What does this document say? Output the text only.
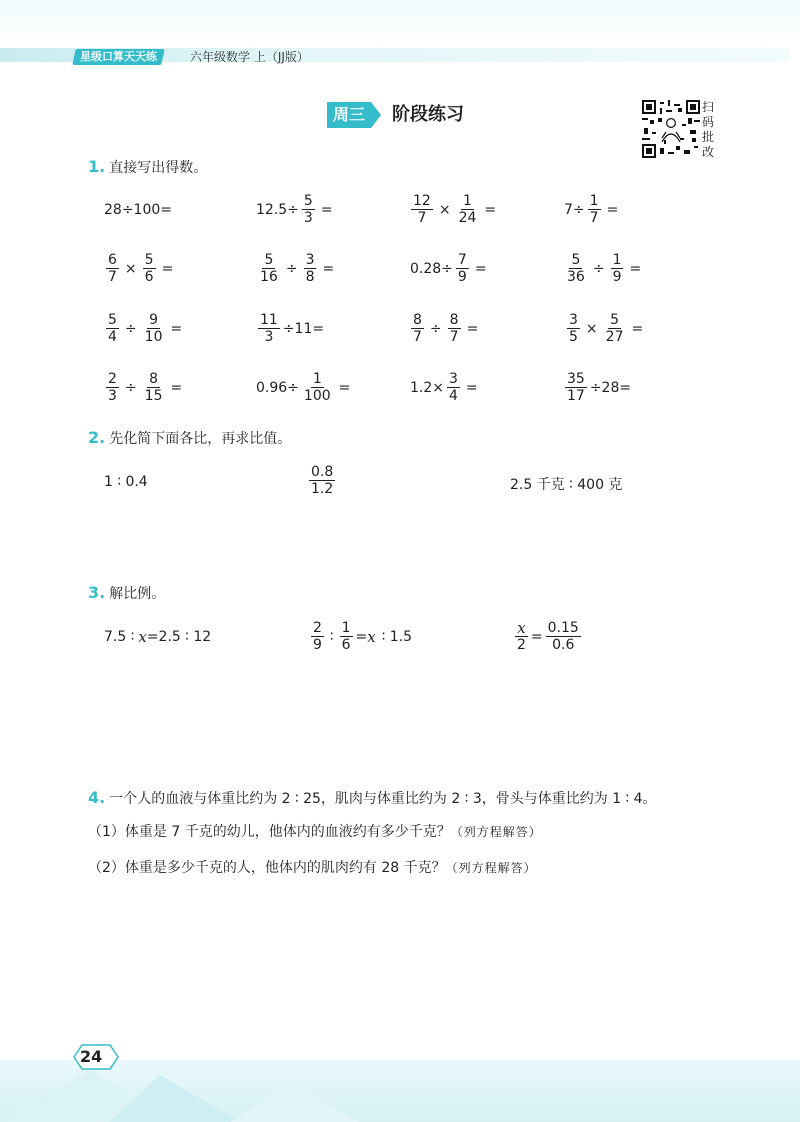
星级口算天天练	六年级数学 上（JJ版）
周三	阶段练习	扫码批改
1. 直接写出得数。
28÷100=	$12.5\div \frac{5}{3}$ =	$\frac{12}{7} \times \frac{1}{24}$ =	$7\div \frac{1}{7}$ =
$\frac{6}{7} \times \frac{5}{6}$ =	$\frac{5}{16} \div \frac{3}{8}$ =	$0.28\div \frac{7}{9}$ =	$\frac{5}{36} \div \frac{1}{9}$ =
$\frac{5}{4} \div \frac{9}{10}$ =	$\frac{11}{3} \div 11=$	$\frac{8}{7} \div \frac{8}{7}$ =	$\frac{3}{5} \times \frac{5}{27}$ =
$\frac{2}{3} \div \frac{8}{15}$ =	$0.96\div \frac{1}{100}$ =	$1.2\times \frac{3}{4}$ =	$\frac{35}{17} \div 28=$
2. 先化简下面各比，再求比值。
1 ∶ 0.4	$\frac{0.8}{1.2}$	2.5 千克 ∶ 400 克
3. 解比例。
7.5 ∶ x =2.5 ∶ 12	$\frac{2}{9}$ ∶ $\frac{1}{6} = x$ ∶ 1.5	$\frac{x}{2} = \frac{0.15}{0.6}$
4. 一个人的血液与体重比约为 2 ∶ 25，肌肉与体重比约为 2 ∶ 3，骨头与体重比约为 1 ∶ 4。
（1）体重是 7 千克的幼儿，他体内的血液约有多少千克？（列方程解答）
（2）体重是多少千克的人，他体内的肌肉约有 28 千克？（列方程解答）
24
